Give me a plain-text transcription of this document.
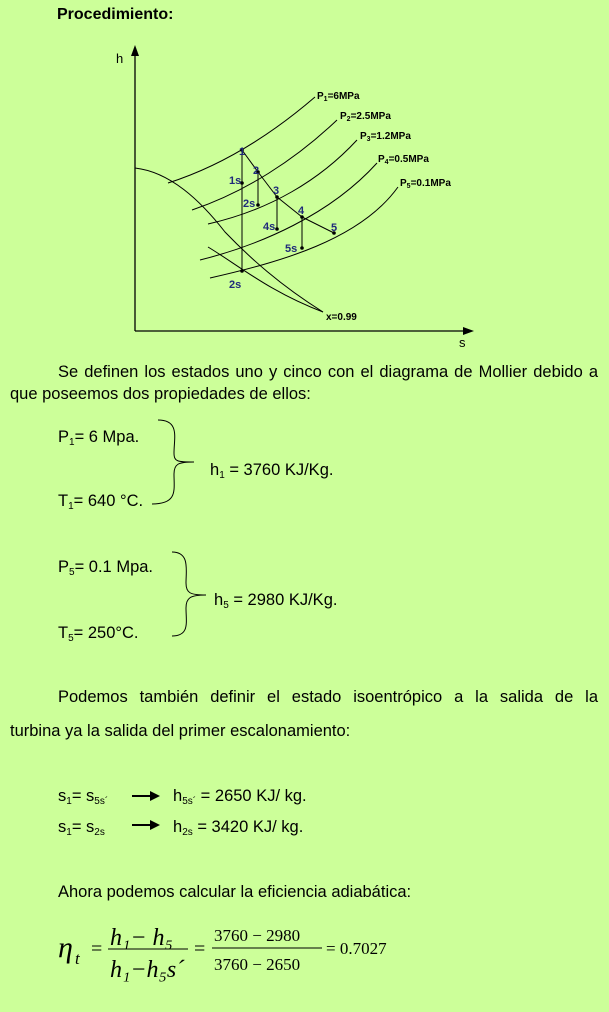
Procedimiento:
h
s
1
2
1s
2s
3
4s
4
5s
5
2s
$P_1=6MPa$
$P_2=2.5MPa$
$P_3=1.2MPa$
$P_4=0.5MPa$
$P_5=0.1MPa$
x=0.99
Se definen los estados uno y cinco con el diagrama de Mollier debido a que poseemos dos propiedades de ellos:
$P_1= 6$ Mpa.
$T_1= 640$ °C.
$h_1 = 3760$ KJ/Kg.
$P_5= 0.1$ Mpa.
$T_5= 250^\circ C$.
$h_5 = 2980$ KJ/Kg.
Podemos también definir el estado isoentrópico a la salida de la
turbina ya la salida del primer escalonamiento:
$s_1= s_{5s´}$	$h_{5s´} = 2650$ KJ/ kg.
$s_1= s_{2s}$	$h_{2s} = 3420$ KJ/ kg.
Ahora podemos calcular la eficiencia adiabática:
η t = h₁− h₅
h₁−h₅s´
=
3760 − 2980
3760 − 2650
= 0.7027
